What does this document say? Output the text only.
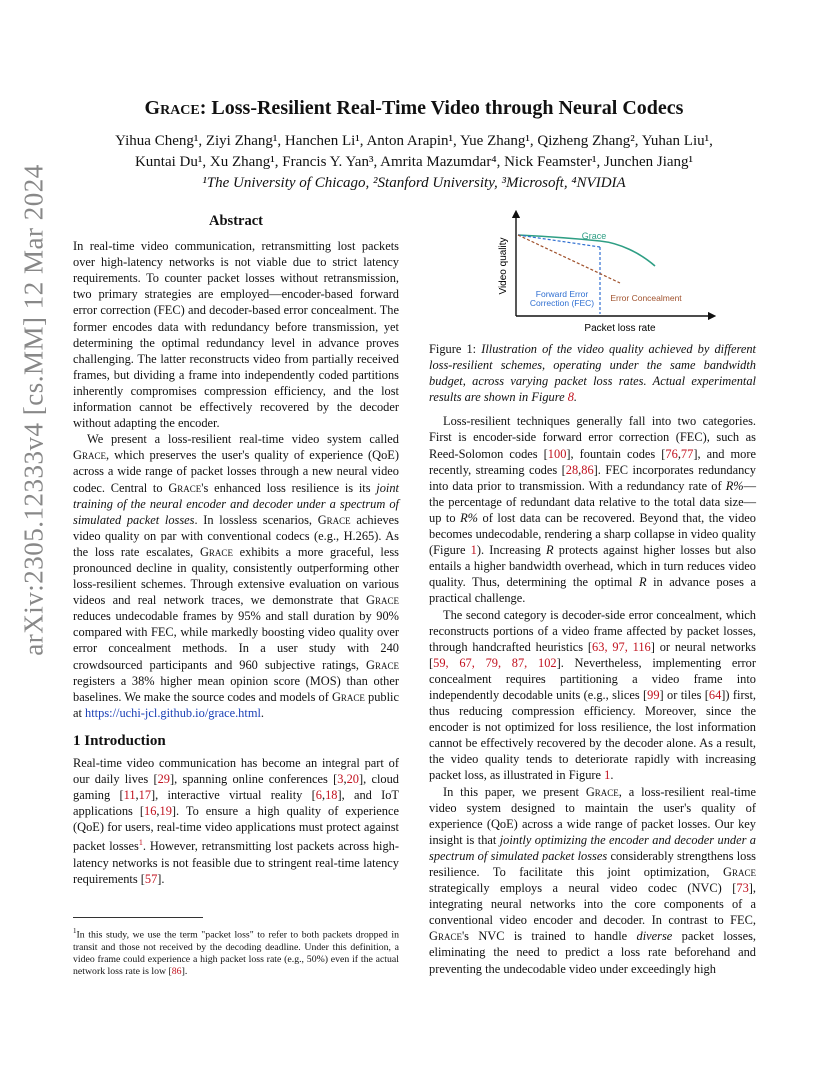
arXiv:2305.12333v4 [cs.MM] 12 Mar 2024
Grace: Loss-Resilient Real-Time Video through Neural Codecs
Yihua Cheng¹, Ziyi Zhang¹, Hanchen Li¹, Anton Arapin¹, Yue Zhang¹, Qizheng Zhang², Yuhan Liu¹,
Kuntai Du¹, Xu Zhang¹, Francis Y. Yan³, Amrita Mazumdar⁴, Nick Feamster¹, Junchen Jiang¹
¹The University of Chicago, ²Stanford University, ³Microsoft, ⁴NVIDIA
Abstract

In real-time video communication, retransmitting lost packets over high-latency networks is not viable due to strict latency requirements. To counter packet losses without retransmission, two primary strategies are employed—encoder-based forward error correction (FEC) and decoder-based error concealment. The former encodes data with redundancy before transmission, yet determining the optimal redundancy level in advance proves challenging. The latter reconstructs video from partially received frames, but dividing a frame into independently coded partitions inherently compromises compression efficiency, and the lost information cannot be effectively recovered by the decoder without adapting the encoder.

We present a loss-resilient real-time video system called Grace, which preserves the user's quality of experience (QoE) across a wide range of packet losses through a new neural video codec. Central to Grace's enhanced loss resilience is its joint training of the neural encoder and decoder under a spectrum of simulated packet losses. In lossless scenarios, Grace achieves video quality on par with conventional codecs (e.g., H.265). As the loss rate escalates, Grace exhibits a more graceful, less pronounced decline in quality, consistently outperforming other loss-resilient schemes. Through extensive evaluation on various videos and real network traces, we demonstrate that Grace reduces undecodable frames by 95% and stall duration by 90% compared with FEC, while markedly boosting video quality over error concealment methods. In a user study with 240 crowdsourced participants and 960 subjective ratings, Grace registers a 38% higher mean opinion score (MOS) than other baselines. We make the source codes and models of Grace public at https://uchi-jcl.github.io/grace.html.

1 Introduction

Real-time video communication has become an integral part of our daily lives [29], spanning online conferences [3,20], cloud gaming [11,17], interactive virtual reality [6,18], and IoT applications [16,19]. To ensure a high quality of experience (QoE) for users, real-time video applications must protect against packet losses$^1$. However, retransmitting lost packets across high-latency networks is not feasible due to stringent real-time latency requirements [57].

$^1$In this study, we use the term "packet loss" to refer to both packets dropped in transit and those not received by the decoding deadline. Under this definition, a video frame could experience a high packet loss rate (e.g., 50%) even if the actual network loss rate is low [86].
Video quality
Grace
Forward Error
Correction (FEC) Error Concealment
Packet loss rate

Figure 1: Illustration of the video quality achieved by different loss-resilient schemes, operating under the same bandwidth budget, across varying packet loss rates. Actual experimental results are shown in Figure 8.

Loss-resilient techniques generally fall into two categories. First is encoder-side forward error correction (FEC), such as Reed-Solomon codes [100], fountain codes [76,77], and more recently, streaming codes [28,86]. FEC incorporates redundancy into data prior to transmission. With a redundancy rate of R%—the percentage of redundant data relative to the total data size—up to R% of lost data can be recovered. Beyond that, the video becomes undecodable, rendering a sharp collapse in video quality (Figure 1). Increasing R protects against higher losses but also entails a higher bandwidth overhead, which in turn reduces video quality. Thus, determining the optimal R in advance poses a practical challenge.

The second category is decoder-side error concealment, which reconstructs portions of a video frame affected by packet losses, through handcrafted heuristics [63, 97, 116] or neural networks [59, 67, 79, 87, 102]. Nevertheless, implementing error concealment requires partitioning a video frame into independently decodable units (e.g., slices [99] or tiles [64]) first, thus reducing compression efficiency. Moreover, since the encoder is not optimized for loss resilience, the lost information cannot be effectively recovered by the decoder alone. As a result, the video quality tends to deteriorate rapidly with increasing packet loss, as illustrated in Figure 1.

In this paper, we present Grace, a loss-resilient real-time video system designed to maintain the user's quality of experience (QoE) across a wide range of packet losses. Our key insight is that jointly optimizing the encoder and decoder under a spectrum of simulated packet losses considerably strengthens loss resilience. To facilitate this joint optimization, Grace strategically employs a neural video codec (NVC) [73], integrating neural networks into the core components of a conventional video encoder and decoder. In contrast to FEC, Grace's NVC is trained to handle diverse packet losses, eliminating the need to predict a loss rate beforehand and preventing the undecodable video under exceedingly high
